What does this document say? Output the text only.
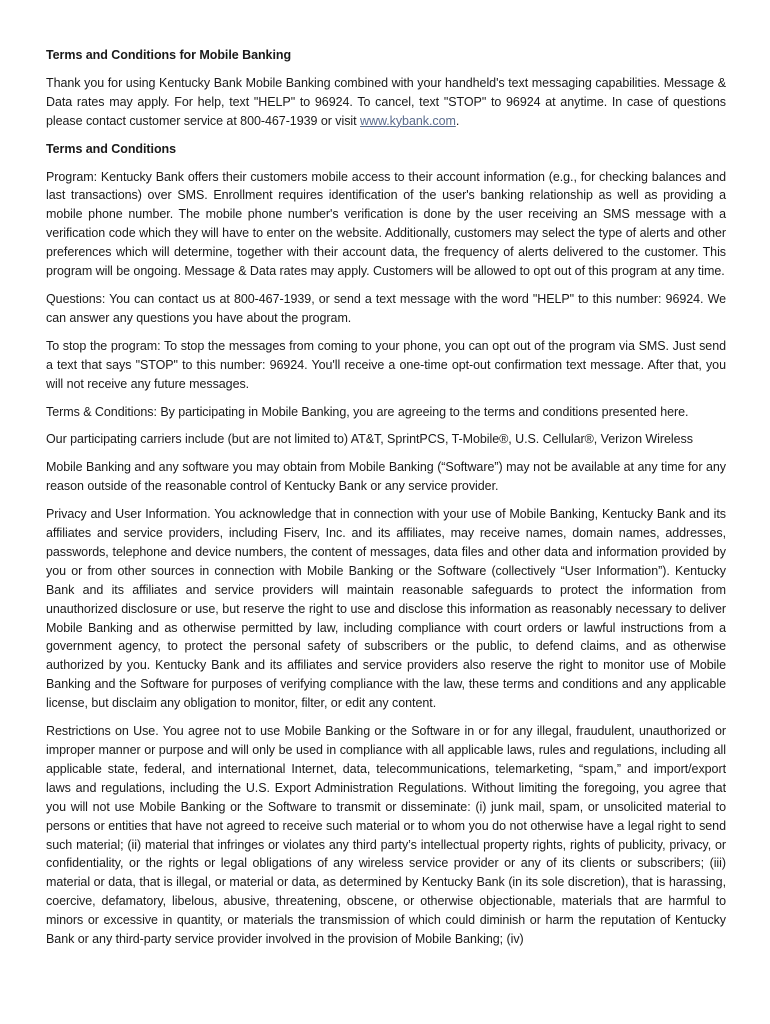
Terms and Conditions for Mobile Banking
Thank you for using Kentucky Bank Mobile Banking combined with your handheld's text messaging capabilities. Message & Data rates may apply. For help, text "HELP" to 96924. To cancel, text "STOP" to 96924 at anytime. In case of questions please contact customer service at 800-467-1939 or visit www.kybank.com.
Terms and Conditions
Program: Kentucky Bank offers their customers mobile access to their account information (e.g., for checking balances and last transactions) over SMS. Enrollment requires identification of the user's banking relationship as well as providing a mobile phone number. The mobile phone number's verification is done by the user receiving an SMS message with a verification code which they will have to enter on the website. Additionally, customers may select the type of alerts and other preferences which will determine, together with their account data, the frequency of alerts delivered to the customer. This program will be ongoing. Message & Data rates may apply. Customers will be allowed to opt out of this program at any time.
Questions: You can contact us at 800-467-1939, or send a text message with the word "HELP" to this number: 96924. We can answer any questions you have about the program.
To stop the program: To stop the messages from coming to your phone, you can opt out of the program via SMS. Just send a text that says "STOP" to this number: 96924. You'll receive a one-time opt-out confirmation text message. After that, you will not receive any future messages.
Terms & Conditions: By participating in Mobile Banking, you are agreeing to the terms and conditions presented here.
Our participating carriers include (but are not limited to) AT&T, SprintPCS, T-Mobile®, U.S. Cellular®, Verizon Wireless
Mobile Banking and any software you may obtain from Mobile Banking (“Software”) may not be available at any time for any reason outside of the reasonable control of Kentucky Bank or any service provider.
Privacy and User Information. You acknowledge that in connection with your use of Mobile Banking, Kentucky Bank and its affiliates and service providers, including Fiserv, Inc. and its affiliates, may receive names, domain names, addresses, passwords, telephone and device numbers, the content of messages, data files and other data and information provided by you or from other sources in connection with Mobile Banking or the Software (collectively “User Information”). Kentucky Bank and its affiliates and service providers will maintain reasonable safeguards to protect the information from unauthorized disclosure or use, but reserve the right to use and disclose this information as reasonably necessary to deliver Mobile Banking and as otherwise permitted by law, including compliance with court orders or lawful instructions from a government agency, to protect the personal safety of subscribers or the public, to defend claims, and as otherwise authorized by you. Kentucky Bank and its affiliates and service providers also reserve the right to monitor use of Mobile Banking and the Software for purposes of verifying compliance with the law, these terms and conditions and any applicable license, but disclaim any obligation to monitor, filter, or edit any content.
Restrictions on Use. You agree not to use Mobile Banking or the Software in or for any illegal, fraudulent, unauthorized or improper manner or purpose and will only be used in compliance with all applicable laws, rules and regulations, including all applicable state, federal, and international Internet, data, telecommunications, telemarketing, “spam,” and import/export laws and regulations, including the U.S. Export Administration Regulations. Without limiting the foregoing, you agree that you will not use Mobile Banking or the Software to transmit or disseminate: (i) junk mail, spam, or unsolicited material to persons or entities that have not agreed to receive such material or to whom you do not otherwise have a legal right to send such material; (ii) material that infringes or violates any third party’s intellectual property rights, rights of publicity, privacy, or confidentiality, or the rights or legal obligations of any wireless service provider or any of its clients or subscribers; (iii) material or data, that is illegal, or material or data, as determined by Kentucky Bank (in its sole discretion), that is harassing, coercive, defamatory, libelous, abusive, threatening, obscene, or otherwise objectionable, materials that are harmful to minors or excessive in quantity, or materials the transmission of which could diminish or harm the reputation of Kentucky Bank or any third-party service provider involved in the provision of Mobile Banking; (iv)
